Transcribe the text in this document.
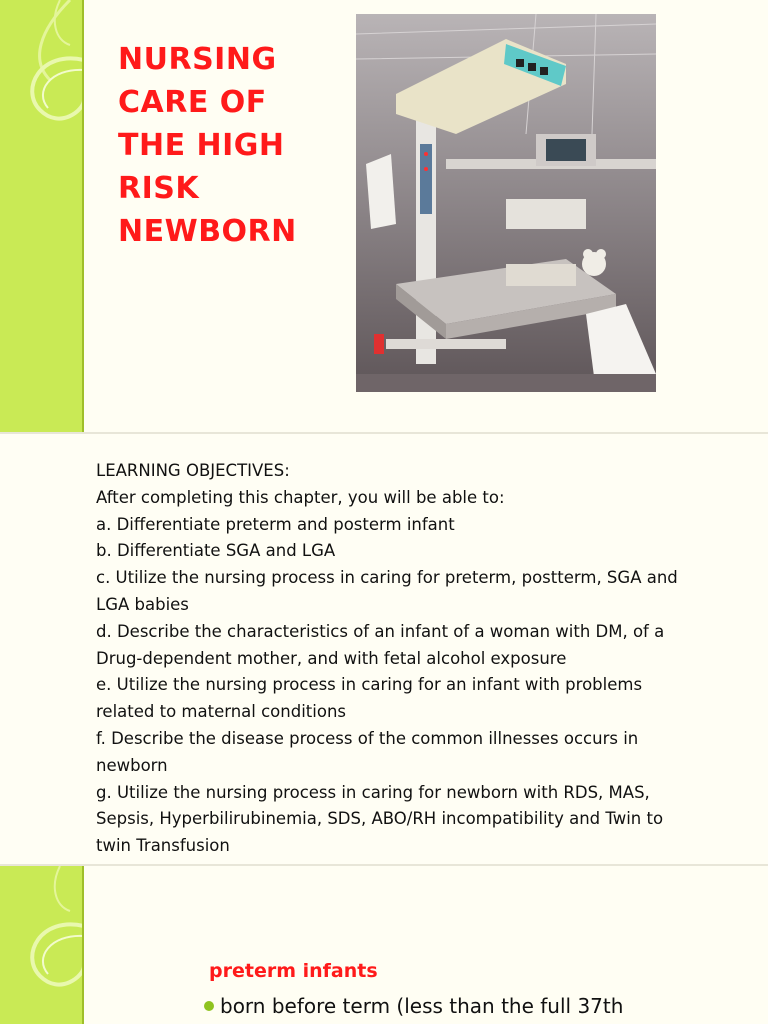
NURSING
CARE OF
THE HIGH
RISK
NEWBORN
LEARNING OBJECTIVES:
After completing this chapter, you will be able to:
a. Differentiate preterm and posterm infant
b. Differentiate SGA and LGA
c. Utilize the nursing process in caring for preterm, postterm, SGA and
LGA babies
d. Describe the characteristics of an infant of a woman with DM, of a
Drug-dependent mother, and with fetal alcohol exposure
e. Utilize the nursing process in caring for an infant with problems
related to maternal conditions
f. Describe the disease process of the common illnesses occurs in
newborn
g. Utilize the nursing process in caring for newborn with RDS, MAS,
Sepsis, Hyperbilirubinemia, SDS, ABO/RH incompatibility and Twin to
twin Transfusion
preterm infants
born before term (less than the full 37th
